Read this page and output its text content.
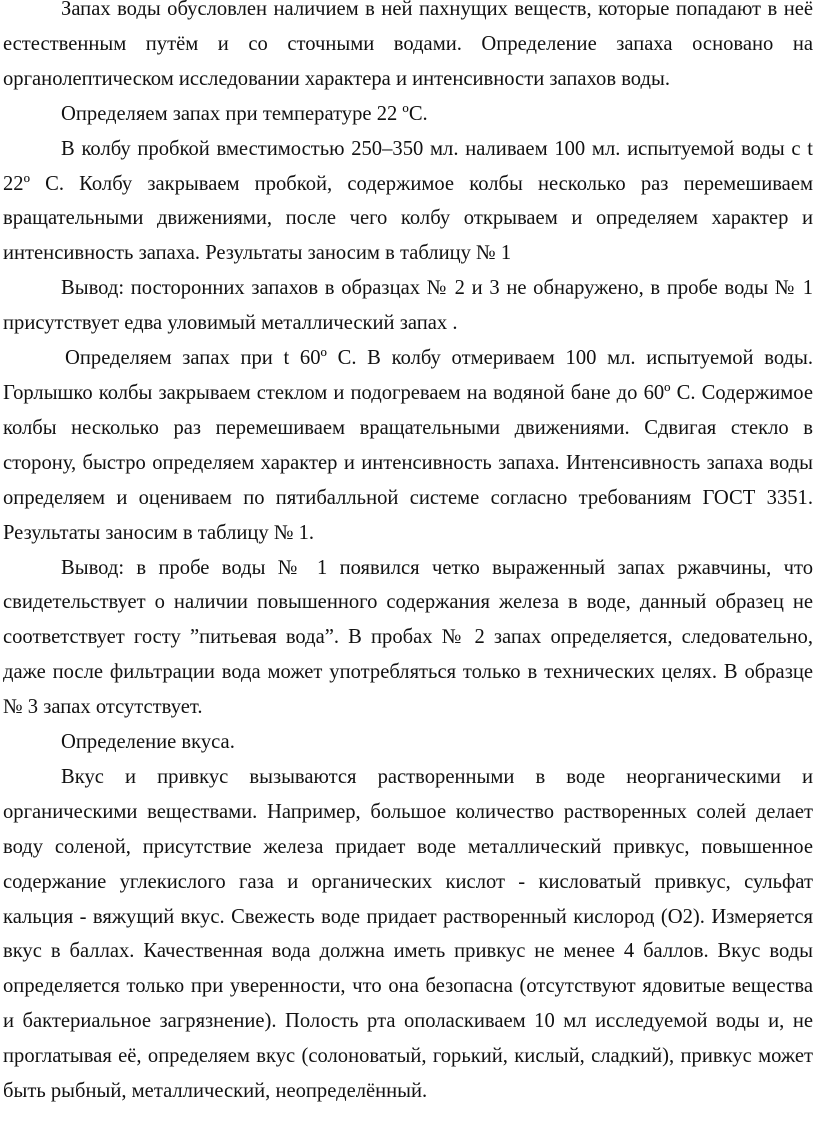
Запах воды обусловлен наличием в ней пахнущих веществ, которые попадают в неё естественным путём и со сточными водами. Определение запаха основано на органолептическом исследовании характера и интенсивности запахов воды.

Определяем запах при температуре 22 ºС.

В колбу пробкой вместимостью 250–350 мл. наливаем 100 мл. испытуемой воды с t 22º С. Колбу закрываем пробкой, содержимое колбы несколько раз перемешиваем вращательными движениями, после чего колбу открываем и определяем характер и интенсивность запаха. Результаты заносим в таблицу № 1

Вывод: посторонних запахов в образцах № 2 и 3 не обнаружено, в пробе воды № 1 присутствует едва уловимый металлический запах .

Определяем запах при t 60º С. В колбу отмериваем 100 мл. испытуемой воды. Горлышко колбы закрываем стеклом и подогреваем на водяной бане до 60º С. Содержимое колбы несколько раз перемешиваем вращательными движениями. Сдвигая стекло в сторону, быстро определяем характер и интенсивность запаха. Интенсивность запаха воды определяем и оцениваем по пятибалльной системе согласно требованиям ГОСТ 3351. Результаты заносим в таблицу № 1.

Вывод: в пробе воды № 1 появился четко выраженный запах ржавчины, что свидетельствует о наличии повышенного содержания железа в воде, данный образец не соответствует госту ”питьевая вода”. В пробах № 2 запах определяется, следовательно, даже после фильтрации вода может употребляться только в технических целях. В образце № 3 запах отсутствует.

Определение вкуса.

Вкус и привкус вызываются растворенными в воде неорганическими и органическими веществами. Например, большое количество растворенных солей делает воду соленой, присутствие железа придает воде металлический привкус, повышенное содержание углекислого газа и органических кислот - кисловатый привкус, сульфат кальция - вяжущий вкус. Свежесть воде придает растворенный кислород (О2). Измеряется вкус в баллах. Качественная вода должна иметь привкус не менее 4 баллов. Вкус воды определяется только при уверенности, что она безопасна (отсутствуют ядовитые вещества и бактериальное загрязнение). Полость рта ополаскиваем 10 мл исследуемой воды и, не проглатывая её, определяем вкус (солоноватый, горький, кислый, сладкий), привкус может быть рыбный, металлический, неопределённый.
